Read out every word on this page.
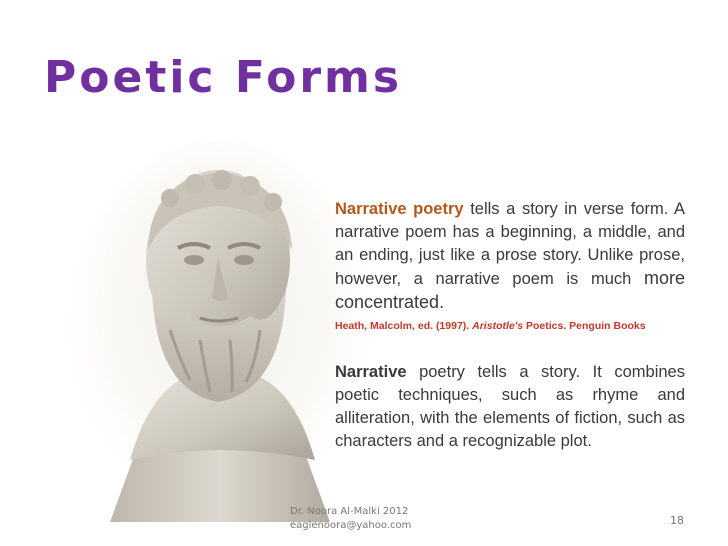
Poetic Forms

Narrative poetry tells a story in verse form. A narrative poem has a beginning, a middle, and an ending, just like a prose story. Unlike prose, however, a narrative poem is much more concentrated.

Heath, Malcolm, ed. (1997). Aristotle's Poetics. Penguin Books

Narrative poetry tells a story. It combines poetic techniques, such as rhyme and alliteration, with the elements of fiction, such as characters and a recognizable plot.

Dr. Noora Al-Malki 2012
eaglenoora@yahoo.com	18
